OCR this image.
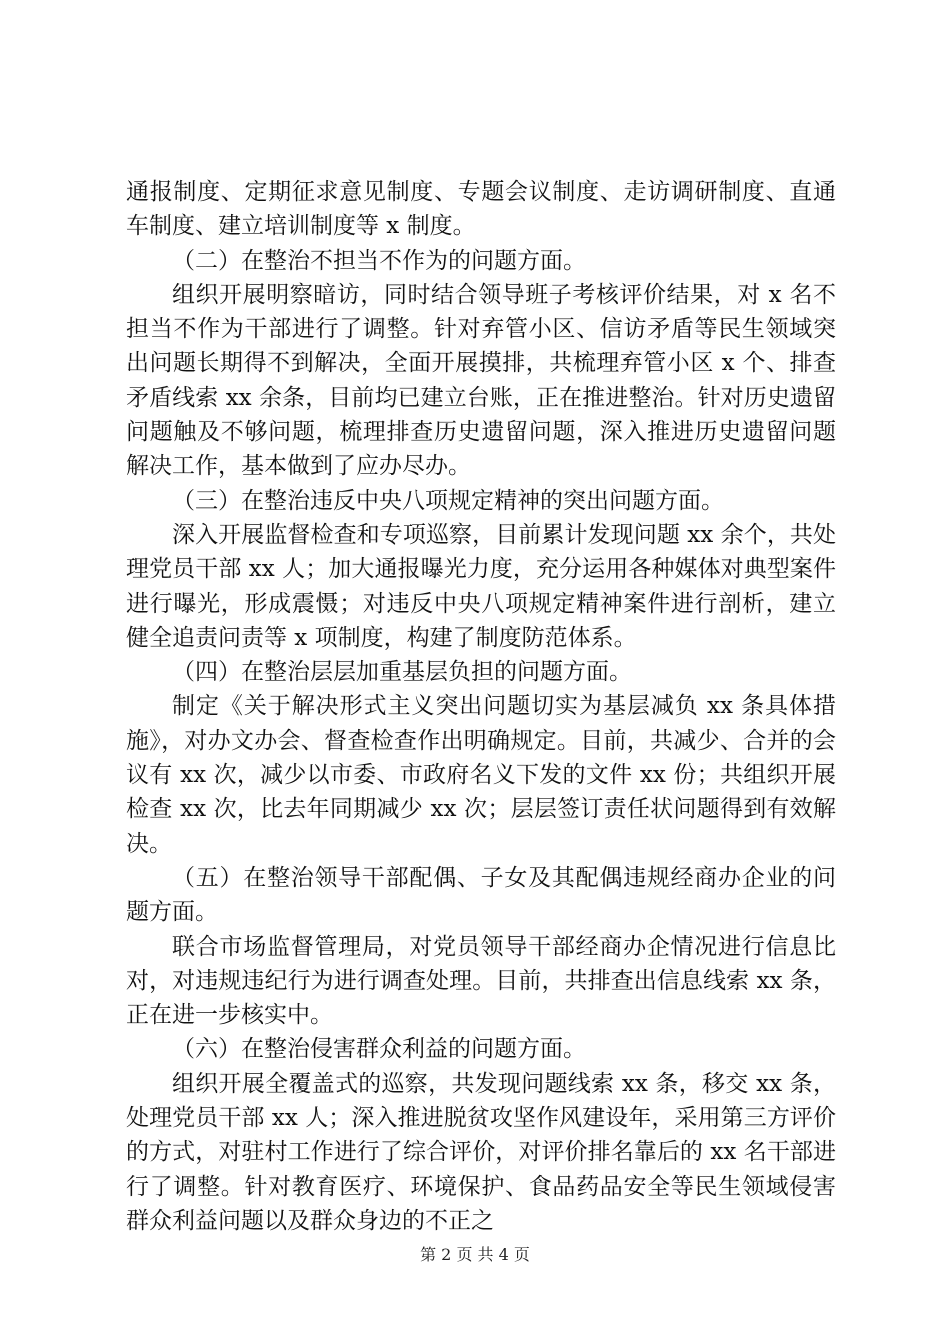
通报制度、定期征求意见制度、专题会议制度、走访调研制度、直通车制度、建立培训制度等 x 制度。

（二）在整治不担当不作为的问题方面。

组织开展明察暗访，同时结合领导班子考核评价结果，对 x 名不担当不作为干部进行了调整。针对弃管小区、信访矛盾等民生领域突出问题长期得不到解决，全面开展摸排，共梳理弃管小区 x 个、排查矛盾线索 xx 余条，目前均已建立台账，正在推进整治。针对历史遗留问题触及不够问题，梳理排查历史遗留问题，深入推进历史遗留问题解决工作，基本做到了应办尽办。

（三）在整治违反中央八项规定精神的突出问题方面。

深入开展监督检查和专项巡察，目前累计发现问题 xx 余个，共处理党员干部 xx 人；加大通报曝光力度，充分运用各种媒体对典型案件进行曝光，形成震慑；对违反中央八项规定精神案件进行剖析，建立健全追责问责等 x 项制度，构建了制度防范体系。

（四）在整治层层加重基层负担的问题方面。

制定《关于解决形式主义突出问题切实为基层减负 xx 条具体措施》，对办文办会、督查检查作出明确规定。目前，共减少、合并的会议有 xx 次，减少以市委、市政府名义下发的文件 xx 份；共组织开展检查 xx 次，比去年同期减少 xx 次；层层签订责任状问题得到有效解决。

（五）在整治领导干部配偶、子女及其配偶违规经商办企业的问题方面。

联合市场监督管理局，对党员领导干部经商办企情况进行信息比对，对违规违纪行为进行调查处理。目前，共排查出信息线索 xx 条，正在进一步核实中。

（六）在整治侵害群众利益的问题方面。

组织开展全覆盖式的巡察，共发现问题线索 xx 条，移交 xx 条，处理党员干部 xx 人；深入推进脱贫攻坚作风建设年，采用第三方评价的方式，对驻村工作进行了综合评价，对评价排名靠后的 xx 名干部进行了调整。针对教育医疗、环境保护、食品药品安全等民生领域侵害群众利益问题以及群众身边的不正之

第 2 页 共 4 页
